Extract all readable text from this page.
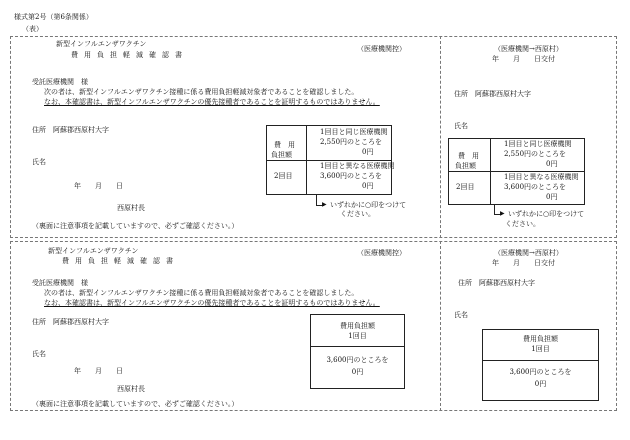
様式第2号（第6条関係）
（表）
新型インフルエンザワクチン
費用負担軽減確認書
（医療機関控）
受託医療機関　様
次の者は、新型インフルエンザワクチン接種に係る費用負担軽減対象者であることを確認しました。
なお、本確認書は、新型インフルエンザワクチンの優先接種者であることを証明するものではありません。
住所　阿蘇郡西原村大字
氏名
年　　月　　日
西原村長
（裏面に注意事項を記載していますので、必ずご確認ください。）
費　用
負担額
2回目
1回目と同じ医療機関
2,550円のところを
0円
1回目と異なる医療機関
3,600円のところを
0円
▶ いずれかに○印をつけて
ください。
（医療機関→西原村）
年　　月　　日交付
住所　阿蘇郡西原村大字
氏名
費　用
負担額
2回目
1回目と同じ医療機関
2,550円のところを
0円
1回目と異なる医療機関
3,600円のところを
0円
▶ いずれかに○印をつけて
ください。
新型インフルエンザワクチン
費用負担軽減確認書
（医療機関控）
受託医療機関　様
次の者は、新型インフルエンザワクチン接種に係る費用負担軽減対象者であることを確認しました。
なお、本確認書は、新型インフルエンザワクチンの優先接種者であることを証明するものではありません。
住所　阿蘇郡西原村大字
氏名
年　　月　　日
西原村長
（裏面に注意事項を記載していますので、必ずご確認ください。）
費用負担額
1回目
3,600円のところを
0円
（医療機関→西原村）
年　　月　　日交付
住所　阿蘇郡西原村大字
氏名
費用負担額
1回目
3,600円のところを
0円
